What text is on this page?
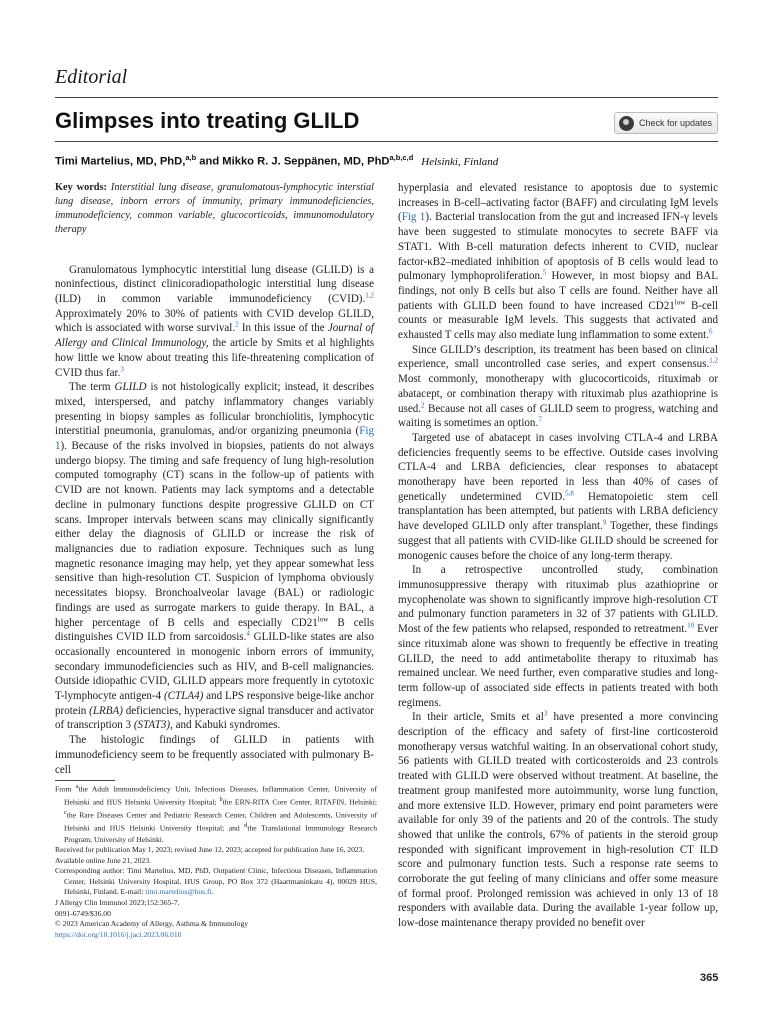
Editorial
Glimpses into treating GLILD	Check for updates
Timi Martelius, MD, PhD,$^{a,b}$ and Mikko R. J. Seppänen, MD, PhD$^{a,b,c,d}$ Helsinki, Finland

Key words: Interstitial lung disease, granulomatous-lymphocytic interstial lung disease, inborn errors of immunity, primary immunodeficiencies, immunodeficiency, common variable, glucocorticoids, immunomodulatory therapy

Granulomatous lymphocytic interstitial lung disease (GLILD) is a noninfectious, distinct clinicoradiopathologic interstitial lung disease (ILD) in common variable immunodeficiency (CVID).$^{1,2}$ Approximately 20% to 30% of patients with CVID develop GLILD, which is associated with worse survival.$^2$ In this issue of the Journal of Allergy and Clinical Immunology, the article by Smits et al highlights how little we know about treating this life-threatening complication of CVID thus far.$^3$

The term GLILD is not histologically explicit; instead, it describes mixed, interspersed, and patchy inflammatory changes variably presenting in biopsy samples as follicular bronchiolitis, lymphocytic interstitial pneumonia, granulomas, and/or organizing pneumonia (Fig 1). Because of the risks involved in biopsies, patients do not always undergo biopsy. The timing and safe frequency of lung high-resolution computed tomography (CT) scans in the follow-up of patients with CVID are not known. Patients may lack symptoms and a detectable decline in pulmonary functions despite progressive GLILD on CT scans. Improper intervals between scans may clinically significantly either delay the diagnosis of GLILD or increase the risk of malignancies due to radiation exposure. Techniques such as lung magnetic resonance imaging may help, yet they appear somewhat less sensitive than high-resolution CT. Suspicion of lymphoma obviously necessitates biopsy. Bronchoalveolar lavage (BAL) or radiologic findings are used as surrogate markers to guide therapy. In BAL, a higher percentage of B cells and especially $CD21^{low}$ B cells distinguishes CVID ILD from sarcoidosis.$^4$ GLILD-like states are also occasionally encountered in monogenic inborn errors of immunity, secondary immunodeficiencies such as HIV, and B-cell malignancies. Outside idiopathic CVID, GLILD appears more frequently in cytotoxic T-lymphocyte antigen-4 (CTLA4) and LPS responsive beige-like anchor protein (LRBA) deficiencies, hyperactive signal transducer and activator of transcription 3 (STAT3), and Kabuki syndromes.

The histologic findings of GLILD in patients with immunodeficiency seem to be frequently associated with pulmonary B-cell

hyperplasia and elevated resistance to apoptosis due to systemic increases in B-cell–activating factor (BAFF) and circulating IgM levels (Fig 1). Bacterial translocation from the gut and increased IFN-γ levels have been suggested to stimulate monocytes to secrete BAFF via STAT1. With B-cell maturation defects inherent to CVID, nuclear factor-κB2–mediated inhibition of apoptosis of B cells would lead to pulmonary lymphoproliferation.$^5$ However, in most biopsy and BAL findings, not only B cells but also T cells are found. Neither have all patients with GLILD been found to have increased $CD21^{low}$ B-cell counts or measurable IgM levels. This suggests that activated and exhausted T cells may also mediate lung inflammation to some extent.$^6$

Since GLILD’s description, its treatment has been based on clinical experience, small uncontrolled case series, and expert consensus.$^{1,2}$ Most commonly, monotherapy with glucocorticoids, rituximab or abatacept, or combination therapy with rituximab plus azathioprine is used.$^2$ Because not all cases of GLILD seem to progress, watching and waiting is sometimes an option.$^7$

Targeted use of abatacept in cases involving CTLA-4 and LRBA deficiencies frequently seems to be effective. Outside cases involving CTLA-4 and LRBA deficiencies, clear responses to abatacept monotherapy have been reported in less than 40% of cases of genetically undetermined CVID.$^{5,8}$ Hematopoietic stem cell transplantation has been attempted, but patients with LRBA deficiency have developed GLILD only after transplant.$^9$ Together, these findings suggest that all patients with CVID-like GLILD should be screened for monogenic causes before the choice of any long-term therapy.

In a retrospective uncontrolled study, combination immunosuppressive therapy with rituximab plus azathioprine or mycophenolate was shown to significantly improve high-resolution CT and pulmonary function parameters in 32 of 37 patients with GLILD. Most of the few patients who relapsed, responded to retreatment.$^{10}$ Ever since rituximab alone was shown to frequently be effective in treating GLILD, the need to add antimetabolite therapy to rituximab has remained unclear. We need further, even comparative studies and long-term follow-up of associated side effects in patients treated with both regimens.

In their article, Smits et al$^3$ have presented a more convincing description of the efficacy and safety of first-line corticosteroid monotherapy versus watchful waiting. In an observational cohort study, 56 patients with GLILD treated with corticosteroids and 23 controls treated with GLILD were observed without treatment. At baseline, the treatment group manifested more autoimmunity, worse lung function, and more extensive ILD. However, primary end point parameters were available for only 39 of the patients and 20 of the controls. The study showed that unlike the controls, 67% of patients in the steroid group responded with significant improvement in high-resolution CT ILD score and pulmonary function tests. Such a response rate seems to corroborate the gut feeling of many clinicians and offer some measure of formal proof. Prolonged remission was achieved in only 13 of 18 responders with available data. During the available 1-year follow up, low-dose maintenance therapy provided no benefit over

From $^a$the Adult Immunodeficiency Unit, Infectious Diseases, Inflammation Center, University of Helsinki and HUS Helsinki University Hospital; $^b$the ERN-RITA Core Center, RITAFIN, Helsinki; $^c$the Rare Diseases Center and Pediatric Research Center, Children and Adolescents, University of Helsinki and HUS Helsinki University Hospital; and $^d$the Translational Immunology Research Program, University of Helsinki.

Received for publication May 1, 2023; revised June 12, 2023; accepted for publication June 16, 2023.

Available online June 21, 2023.

Corresponding author: Timi Martelius, MD, PhD, Outpatient Clinic, Infectious Diseases, Inflammation Center, Helsinki University Hospital, HUS Group, PO Box 372 (Haartmaninkatu 4), 00029 HUS, Helsinki, Finland. E-mail: timi.martelius@hus.fi.

J Allergy Clin Immunol 2023;152:365-7.

0091-6749/$36.00

© 2023 American Academy of Allergy, Asthma & Immunology

https://doi.org/10.1016/j.jaci.2023.06.010

365
